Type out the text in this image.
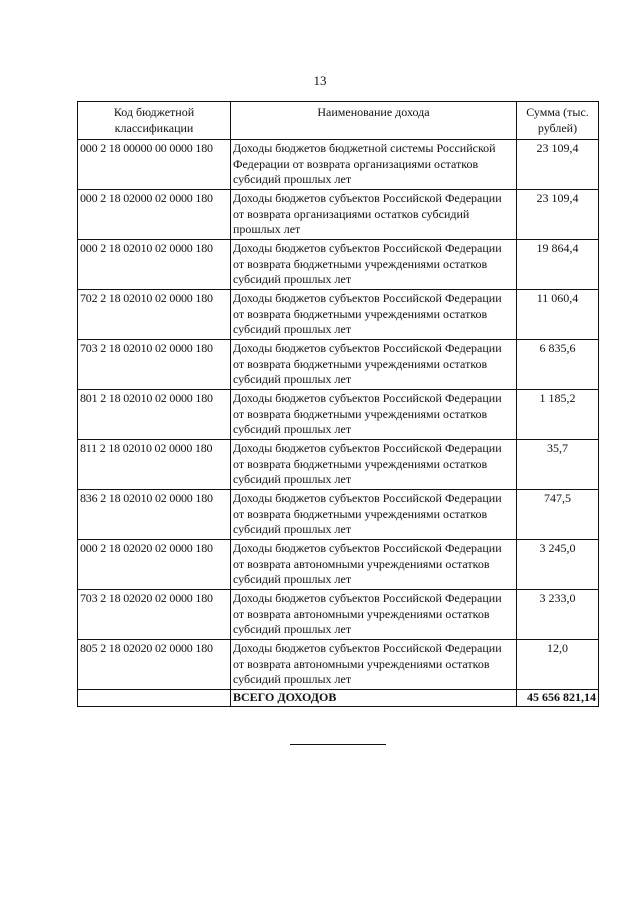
13
Код бюджетной классификации	Наименование дохода	Сумма (тыс. рублей)
000 2 18 00000 00 0000 180	Доходы бюджетов бюджетной системы Российской Федерации от возврата организациями остатков субсидий прошлых лет	23 109,4
000 2 18 02000 02 0000 180	Доходы бюджетов субъектов Российской Федерации от возврата организациями остатков субсидий прошлых лет	23 109,4
000 2 18 02010 02 0000 180	Доходы бюджетов субъектов Российской Федерации от возврата бюджетными учреждениями остатков субсидий прошлых лет	19 864,4
702 2 18 02010 02 0000 180	Доходы бюджетов субъектов Российской Федерации от возврата бюджетными учреждениями остатков субсидий прошлых лет	11 060,4
703 2 18 02010 02 0000 180	Доходы бюджетов субъектов Российской Федерации от возврата бюджетными учреждениями остатков субсидий прошлых лет	6 835,6
801 2 18 02010 02 0000 180	Доходы бюджетов субъектов Российской Федерации от возврата бюджетными учреждениями остатков субсидий прошлых лет	1 185,2
811 2 18 02010 02 0000 180	Доходы бюджетов субъектов Российской Федерации от возврата бюджетными учреждениями остатков субсидий прошлых лет	35,7
836 2 18 02010 02 0000 180	Доходы бюджетов субъектов Российской Федерации от возврата бюджетными учреждениями остатков субсидий прошлых лет	747,5
000 2 18 02020 02 0000 180	Доходы бюджетов субъектов Российской Федерации от возврата автономными учреждениями остатков субсидий прошлых лет	3 245,0
703 2 18 02020 02 0000 180	Доходы бюджетов субъектов Российской Федерации от возврата автономными учреждениями остатков субсидий прошлых лет	3 233,0
805 2 18 02020 02 0000 180	Доходы бюджетов субъектов Российской Федерации от возврата автономными учреждениями остатков субсидий прошлых лет	12,0
	ВСЕГО ДОХОДОВ	45 656 821,14
